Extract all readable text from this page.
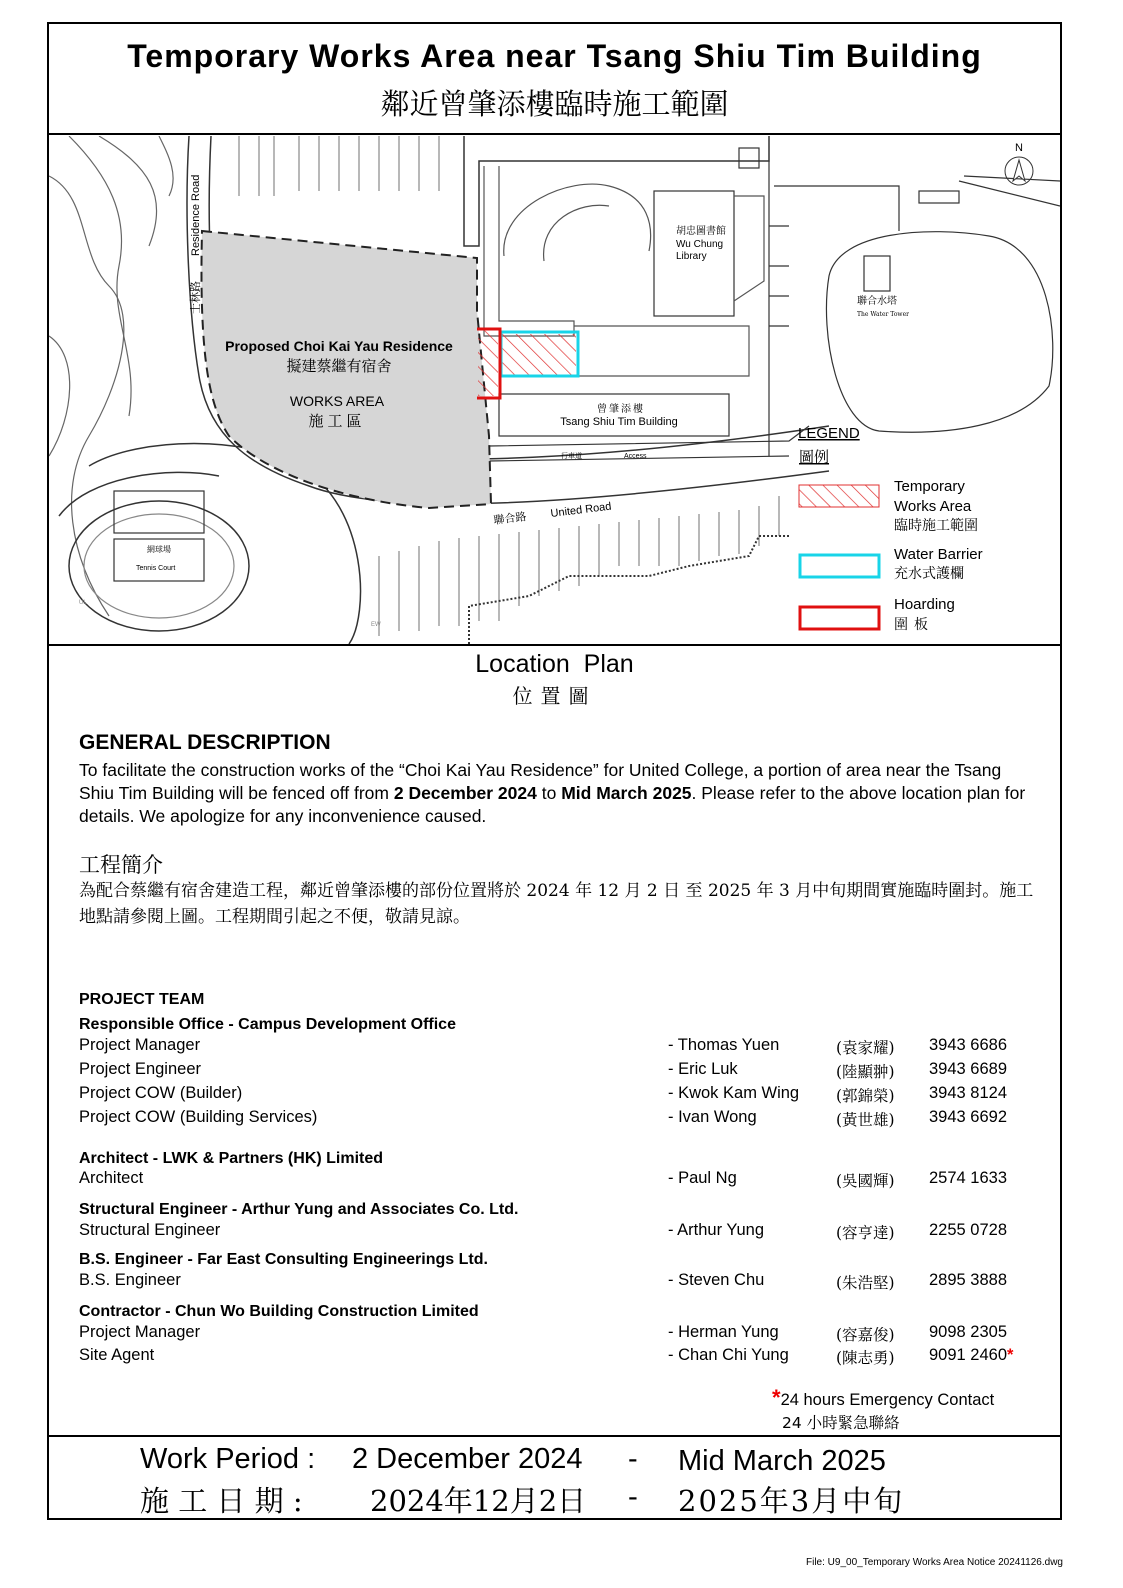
Temporary Works Area near Tsang Shiu Tim Building
鄰近曾肇添樓臨時施工範圍
N
Residence Road
士林路
Proposed Choi Kai Yau Residence
擬建蔡繼有宿舍
WORKS AREA
施工區
胡忠圖書館
Wu Chung
Library
聯合水塔
The Water Tower
曾肇添樓
Tsang Shiu Tim Building
行車道	Access
聯合路 United Road
網球場
Tennis Court
UL
EW
LEGEND
圖例
Temporary
Works Area
臨時施工範圍
Water Barrier
充水式護欄
Hoarding
圍板
Location  Plan
位置圖
GENERAL DESCRIPTION
To facilitate the construction works of the “Choi Kai Yau Residence” for United College, a portion of area near the Tsang Shiu Tim Building will be fenced off from 2 December 2024 to Mid March 2025. Please refer to the above location plan for details. We apologize for any inconvenience caused.
工程簡介
為配合蔡繼有宿舍建造工程，鄰近曾肇添樓的部份位置將於 2024 年 12 月 2 日 至 2025 年 3 月中旬期間實施臨時圍封。施工地點請參閱上圖。工程期間引起之不便，敬請見諒。
PROJECT TEAM
Responsible Office - Campus Development Office
Project Manager	- Thomas Yuen	(袁家耀) 3943 6686
Project Engineer	- Eric Luk	(陸顯翀) 3943 6689
Project COW (Builder)	- Kwok Kam Wing (郭錦榮) 3943 8124
Project COW (Building Services)	- Ivan Wong	(黃世雄) 3943 6692
Architect - LWK & Partners (HK) Limited
Architect	- Paul Ng	(吳國輝) 2574 1633
Structural Engineer - Arthur Yung and Associates Co. Ltd.
Structural Engineer	- Arthur Yung	(容亨達) 2255 0728
B.S. Engineer - Far East Consulting Engineerings Ltd.
B.S. Engineer	- Steven Chu	(朱浩堅) 2895 3888
Contractor - Chun Wo Building Construction Limited
Project Manager	- Herman Yung	(容嘉俊) 9098 2305
Site Agent	- Chan Chi Yung	(陳志勇) 9091 2460*
*24 hours Emergency Contact
24 小時緊急聯絡
Work Period : 2 December 2024 - Mid March 2025
施 工 日 期 : 2024年12月2日 - 2025年3月中旬
File: U9_00_Temporary Works Area Notice 20241126.dwg
